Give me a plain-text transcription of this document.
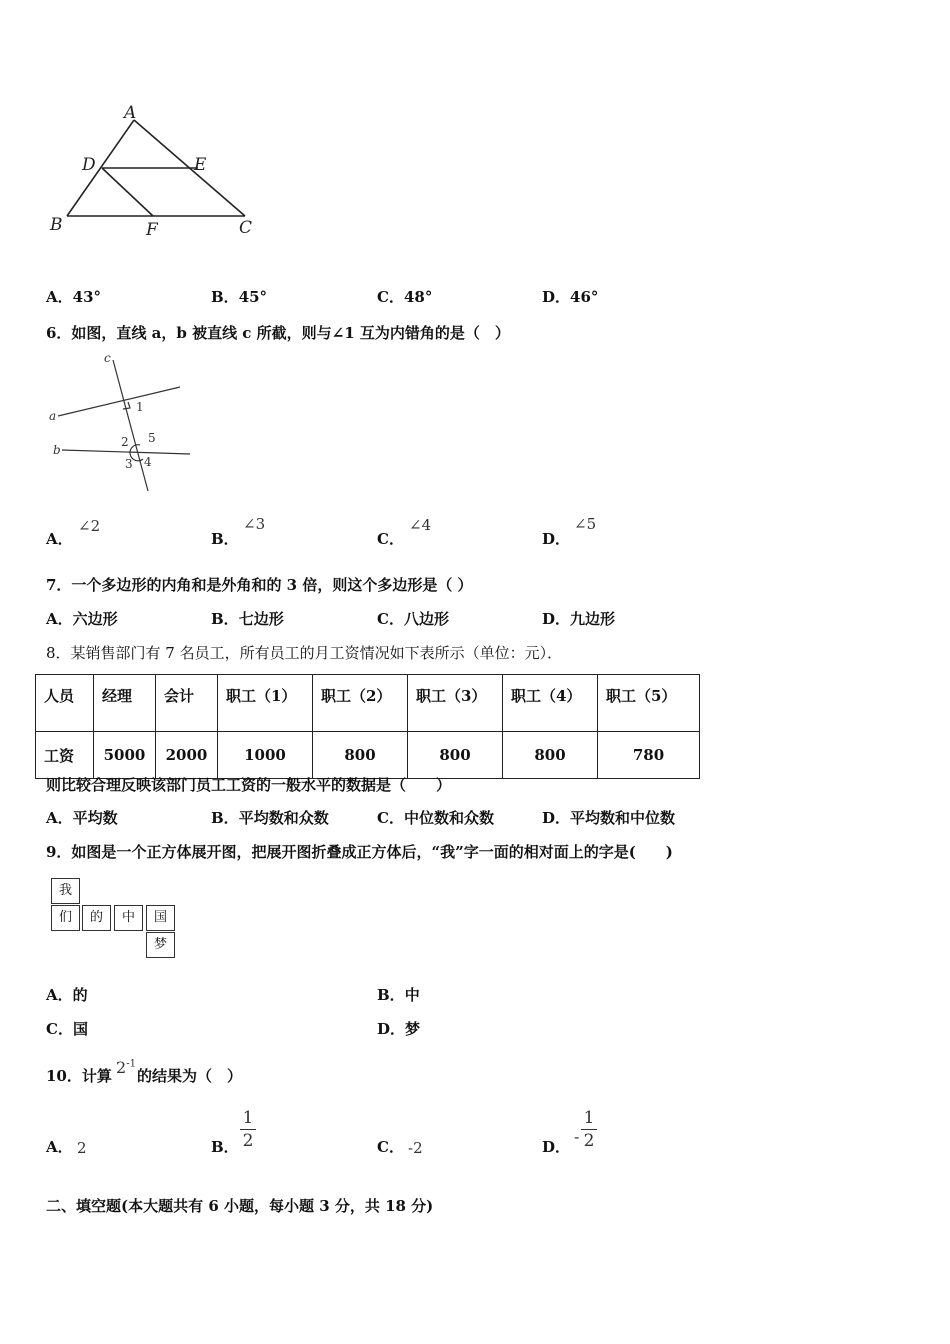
A
D	E
B	F	C
A．43°	B．45°	C．48°	D．46°
6．如图，直线 a，b 被直线 c 所截，则与∠1 互为内错角的是（　）
c
a
b
1
2 5
3 4
A．
∠2
B．
∠3
C．
∠4
D．
∠5
7．一个多边形的内角和是外角和的 3 倍，则这个多边形是（ ）
A．六边形	B．七边形	C．八边形	D．九边形
8．某销售部门有 7 名员工，所有员工的月工资情况如下表所示（单位：元）．
人员	经理	会计	职工（1）	职工（2）	职工（3）	职工（4）	职工（5）
工资	5000	2000	1000	800	800	800	780
则比较合理反映该部门员工工资的一般水平的数据是（　　）
A．平均数	B．平均数和众数	C．中位数和众数	D．平均数和中位数
9．如图是一个正方体展开图，把展开图折叠成正方体后，“我”字一面的相对面上的字是(　　)
我
们	的	中	国
梦
A．的	B．中
C．国	D．梦
10．计算 $2^{-1}$
的结果为（　）
A． 2	B．
1
2	C． -2	D．
-
1
2
二、填空题(本大题共有 6 小题，每小题 3 分，共 18 分)
